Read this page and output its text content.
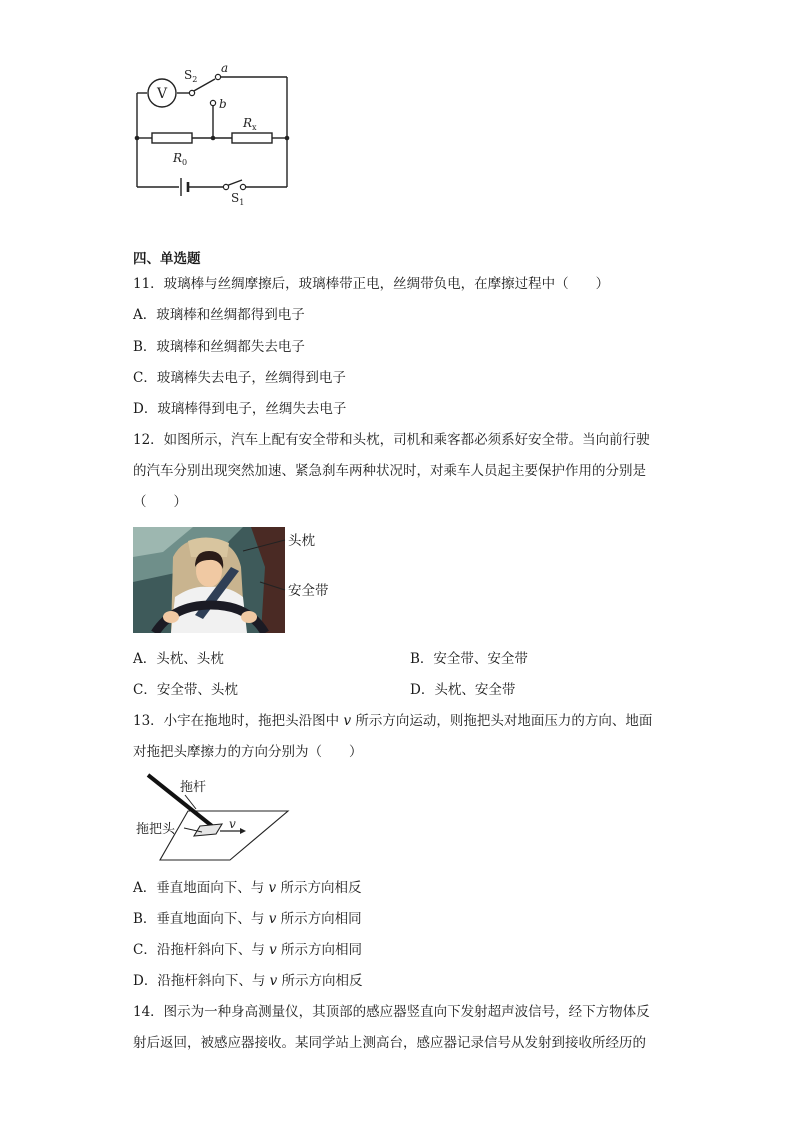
V
$S_2$
a
b
$R_x$
$R_0$
$S_1$
四、单选题
11．玻璃棒与丝绸摩擦后，玻璃棒带正电，丝绸带负电，在摩擦过程中（　　）
A．玻璃棒和丝绸都得到电子
B．玻璃棒和丝绸都失去电子
C．玻璃棒失去电子，丝绸得到电子
D．玻璃棒得到电子，丝绸失去电子
12．如图所示，汽车上配有安全带和头枕，司机和乘客都必须系好安全带。当向前行驶
的汽车分别出现突然加速、紧急刹车两种状况时，对乘车人员起主要保护作用的分别是
（　　）
头枕
安全带
A．头枕、头枕	B．安全带、安全带
C．安全带、头枕	D．头枕、安全带
13．小宇在拖地时，拖把头沿图中 v 所示方向运动，则拖把头对地面压力的方向、地面
对拖把头摩擦力的方向分别为（　　）
v
拖杆
拖把头
A．垂直地面向下、与 v 所示方向相反
B．垂直地面向下、与 v 所示方向相同
C．沿拖杆斜向下、与 v 所示方向相同
D．沿拖杆斜向下、与 v 所示方向相反
14．图示为一种身高测量仪，其顶部的感应器竖直向下发射超声波信号，经下方物体反
射后返回，被感应器接收。某同学站上测高台，感应器记录信号从发射到接收所经历的
